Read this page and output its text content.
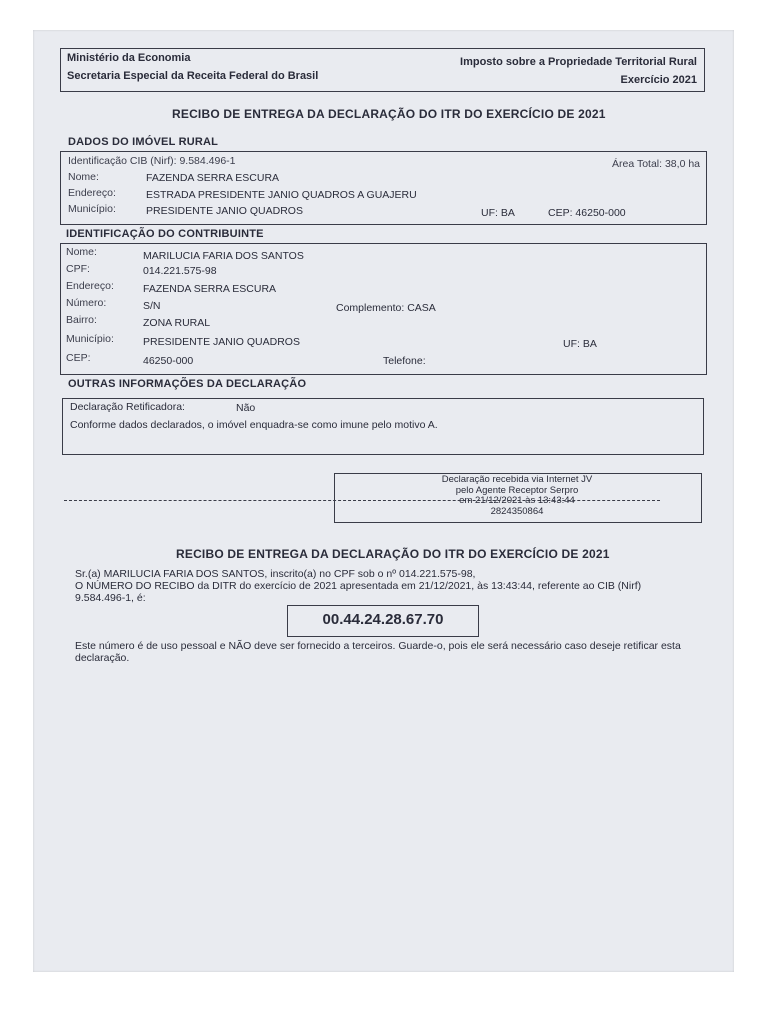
Ministério da Economia
Secretaria Especial da Receita Federal do Brasil
Imposto sobre a Propriedade Territorial Rural
Exercício 2021
RECIBO DE ENTREGA DA DECLARAÇÃO DO ITR DO EXERCÍCIO DE 2021
DADOS DO IMÓVEL RURAL
Identificação CIB (Nirf): 9.584.496-1	Área Total: 38,0 ha
Nome:	FAZENDA SERRA ESCURA
Endereço:	ESTRADA PRESIDENTE JANIO QUADROS A GUAJERU
Município:	PRESIDENTE JANIO QUADROS	UF: BA	CEP: 46250-000
IDENTIFICAÇÃO DO CONTRIBUINTE
Nome:	MARILUCIA FARIA DOS SANTOS
CPF:	014.221.575-98
Endereço:	FAZENDA SERRA ESCURA
Número:	S/N	Complemento: CASA
Bairro:	ZONA RURAL
Município:	PRESIDENTE JANIO QUADROS	UF: BA
CEP:	46250-000	Telefone:
OUTRAS INFORMAÇÕES DA DECLARAÇÃO
Declaração Retificadora:	Não
Conforme dados declarados, o imóvel enquadra-se como imune pelo motivo A.
Declaração recebida via Internet JV
pelo Agente Receptor Serpro
em 21/12/2021 às 13:43:44
2824350864
RECIBO DE ENTREGA DA DECLARAÇÃO DO ITR DO EXERCÍCIO DE 2021
Sr.(a) MARILUCIA FARIA DOS SANTOS, inscrito(a) no CPF sob o nº 014.221.575-98,
O NÚMERO DO RECIBO da DITR do exercício de 2021 apresentada em 21/12/2021, às 13:43:44, referente ao CIB (Nirf)
9.584.496-1, é:
00.44.24.28.67.70
Este número é de uso pessoal e NÃO deve ser fornecido a terceiros. Guarde-o, pois ele será necessário caso deseje retificar esta
declaração.
